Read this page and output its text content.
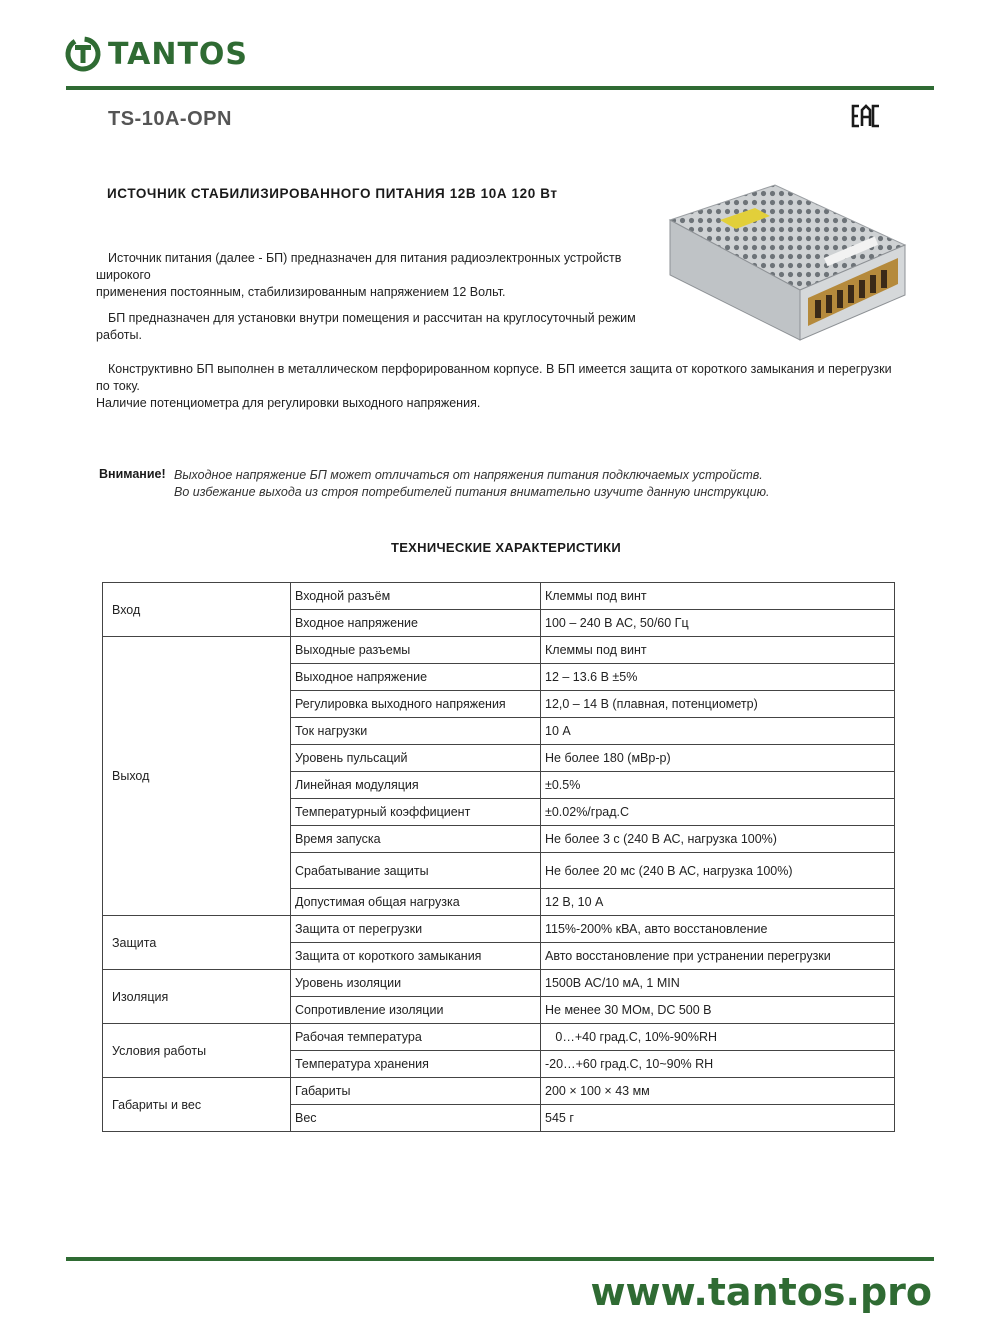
TANTOS
TS-10A-OPN
ИСТОЧНИК СТАБИЛИЗИРОВАННОГО ПИТАНИЯ 12В 10А 120 Вт
Источник питания (далее - БП) предназначен для питания радиоэлектронных устройств широкого
применения постоянным, стабилизированным напряжением 12 Вольт.
БП предназначен для установки внутри помещения и рассчитан на круглосуточный режим работы.
Конструктивно БП выполнен в металлическом перфорированном корпусе. В БП имеется защита от короткого замыкания и перегрузки по току.
Наличие потенциометра для регулировки выходного напряжения.
Внимание! Выходное напряжение БП может отличаться от напряжения питания подключаемых устройств.
Во избежание выхода из строя потребителей питания внимательно изучите данную инструкцию.
ТЕХНИЧЕСКИЕ ХАРАКТЕРИСТИКИ
Вход	Входной разъём	Клеммы под винт
	Входное напряжение	100 – 240 В АС, 50/60 Гц
Выход	Выходные разъемы	Клеммы под винт
	Выходное напряжение	12 – 13.6 В ±5%
	Регулировка выходного напряжения	12,0 – 14 В (плавная, потенциометр)
	Ток нагрузки	10 А
	Уровень пульсаций	Не более 180 (мВр-р)
	Линейная модуляция	±0.5%
	Температурный коэффициент	±0.02%/град.С
	Время запуска	Не более 3 с (240 В АС, нагрузка 100%)
	Срабатывание защиты	Не более 20 мс (240 В АС, нагрузка 100%)
	Допустимая общая нагрузка	12 В, 10 А
Защита	Защита от перегрузки	115%-200% кВА, авто восстановление
	Защита от короткого замыкания	Авто восстановление при устранении перегрузки
Изоляция	Уровень изоляции	1500В АС/10 мА, 1 MIN
	Сопротивление изоляции	Не менее 30 МОм, DC 500 В
Условия работы	Рабочая температура	0…+40 град.С, 10%-90%RH
	Температура хранения	-20…+60 град.С, 10~90% RH
Габариты и вес	Габариты	200 × 100 × 43 мм
	Вес	545 г
www.tantos.pro
